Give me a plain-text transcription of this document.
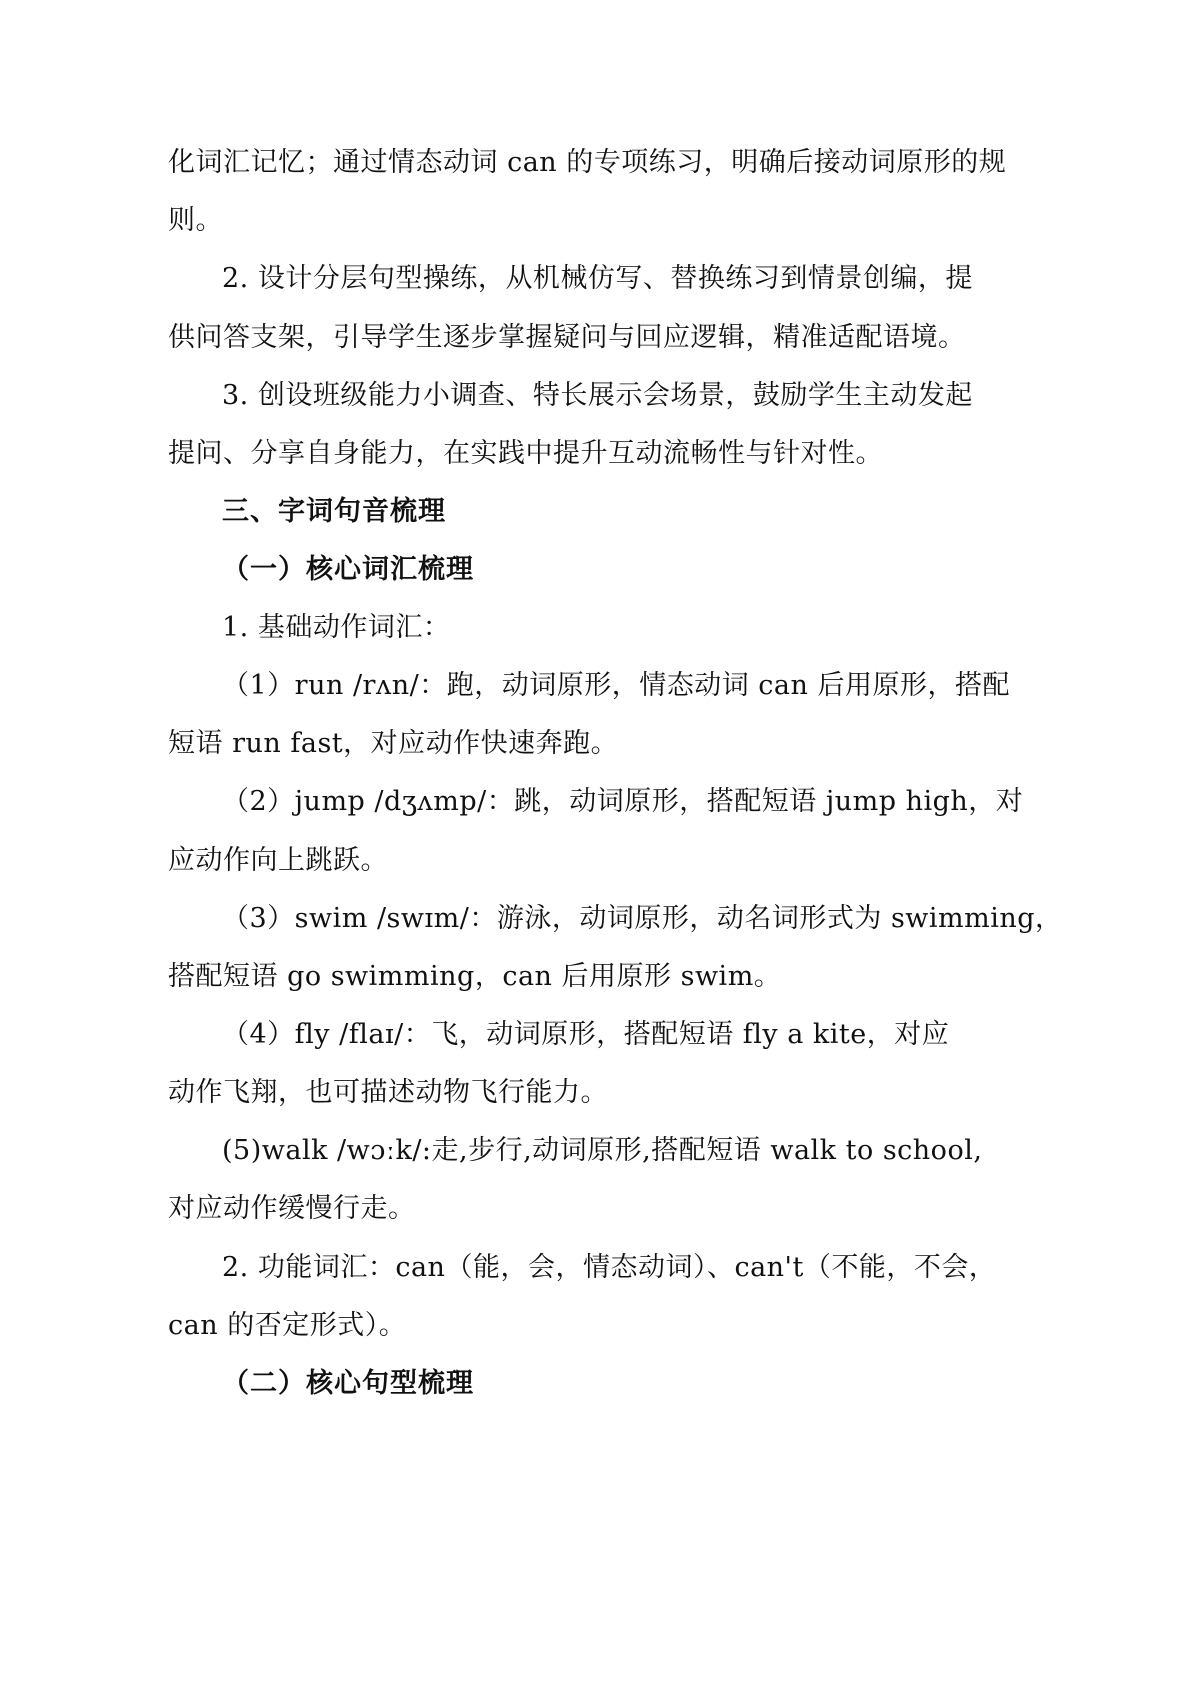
化词汇记忆；通过情态动词 can 的专项练习，明确后接动词原形的规
则。
2. 设计分层句型操练，从机械仿写、替换练习到情景创编，提
供问答支架，引导学生逐步掌握疑问与回应逻辑，精准适配语境。
3. 创设班级能力小调查、特长展示会场景，鼓励学生主动发起
提问、分享自身能力，在实践中提升互动流畅性与针对性。
三、字词句音梳理
（一）核心词汇梳理
1. 基础动作词汇：
（1）run /rʌn/：跑，动词原形，情态动词 can 后用原形，搭配
短语 run fast，对应动作快速奔跑。
（2）jump /dʒʌmp/：跳，动词原形，搭配短语 jump high，对
应动作向上跳跃。
（3）swim /swɪm/：游泳，动词原形，动名词形式为 swimming，
搭配短语 go swimming，can 后用原形 swim。
（4）fly /flaɪ/：飞，动词原形，搭配短语 fly a kite，对应
动作飞翔，也可描述动物飞行能力。
(5)walk /wɔːk/:走,步行,动词原形,搭配短语 walk to school,
对应动作缓慢行走。
2. 功能词汇：can（能，会，情态动词）、can't（不能，不会，
can 的否定形式）。
（二）核心句型梳理
